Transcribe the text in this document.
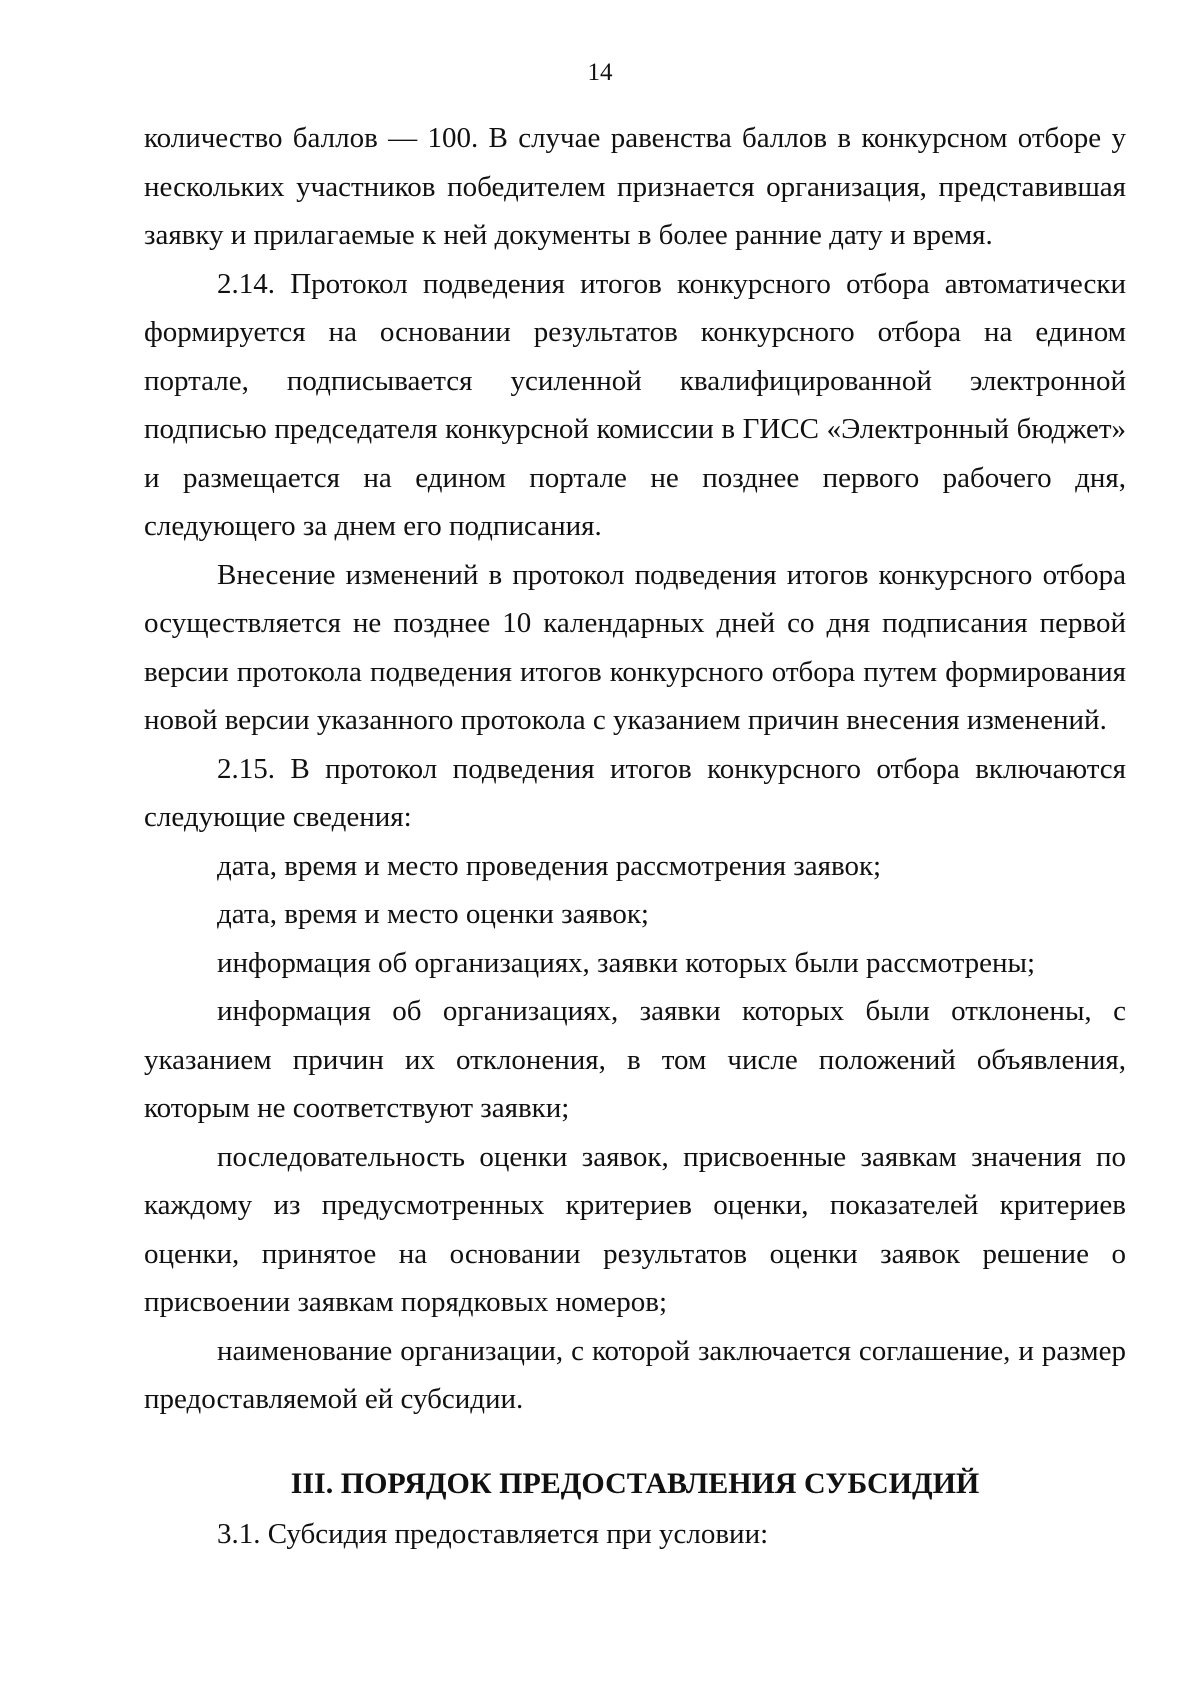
14

количество баллов — 100. В случае равенства баллов в конкурсном отборе у нескольких участников победителем признается организация, представившая заявку и прилагаемые к ней документы в более ранние дату и время.

2.14. Протокол подведения итогов конкурсного отбора автоматически формируется на основании результатов конкурсного отбора на едином портале, подписывается усиленной квалифицированной электронной подписью председателя конкурсной комиссии в ГИСС «Электронный бюджет» и размещается на едином портале не позднее первого рабочего дня, следующего за днем его подписания.

Внесение изменений в протокол подведения итогов конкурсного отбора осуществляется не позднее 10 календарных дней со дня подписания первой версии протокола подведения итогов конкурсного отбора путем формирования новой версии указанного протокола с указанием причин внесения изменений.

2.15. В протокол подведения итогов конкурсного отбора включаются следующие сведения:

дата, время и место проведения рассмотрения заявок;

дата, время и место оценки заявок;

информация об организациях, заявки которых были рассмотрены;

информация об организациях, заявки которых были отклонены, с указанием причин их отклонения, в том числе положений объявления, которым не соответствуют заявки;

последовательность оценки заявок, присвоенные заявкам значения по каждому из предусмотренных критериев оценки, показателей критериев оценки, принятое на основании результатов оценки заявок решение о присвоении заявкам порядковых номеров;

наименование организации, с которой заключается соглашение, и размер предоставляемой ей субсидии.

III. ПОРЯДОК ПРЕДОСТАВЛЕНИЯ СУБСИДИЙ

3.1. Субсидия предоставляется при условии:
